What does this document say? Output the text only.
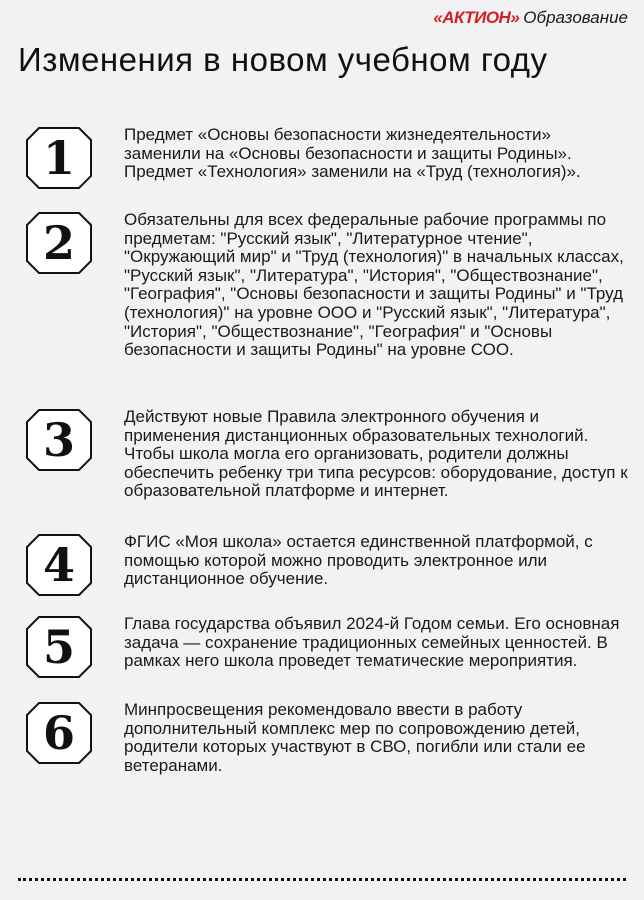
«АКТИОН» Образование
Изменения в новом учебном году
1	Предмет «Основы безопасности жизнедеятельности» заменили на «Основы безопасности и защиты Родины». Предмет «Технология» заменили на «Труд (технология)».

2	Обязательны для всех федеральные рабочие программы по предметам: "Русский язык", "Литературное чтение", "Окружающий мир" и "Труд (технология)" в начальных классах, "Русский язык", "Литература", "История", "Обществознание", "География", "Основы безопасности и защиты Родины" и "Труд (технология)" на уровне ООО и "Русский язык", "Литература", "История", "Обществознание", "География" и "Основы безопасности и защиты Родины" на уровне СОО.

3	Действуют новые Правила электронного обучения и применения дистанционных образовательных технологий. Чтобы школа могла его организовать, родители должны обеспечить ребенку три типа ресурсов: оборудование, доступ к образовательной платформе и интернет.

4	ФГИС «Моя школа» остается единственной платформой, с помощью которой можно проводить электронное или дистанционное обучение.

5	Глава государства объявил 2024-й Годом семьи. Его основная задача — сохранение традиционных семейных ценностей. В рамках него школа проведет тематические мероприятия.

6	Минпросвещения рекомендовало ввести в работу дополнительный комплекс мер по сопровождению детей, родители которых участвуют в СВО, погибли или стали ее ветеранами.
